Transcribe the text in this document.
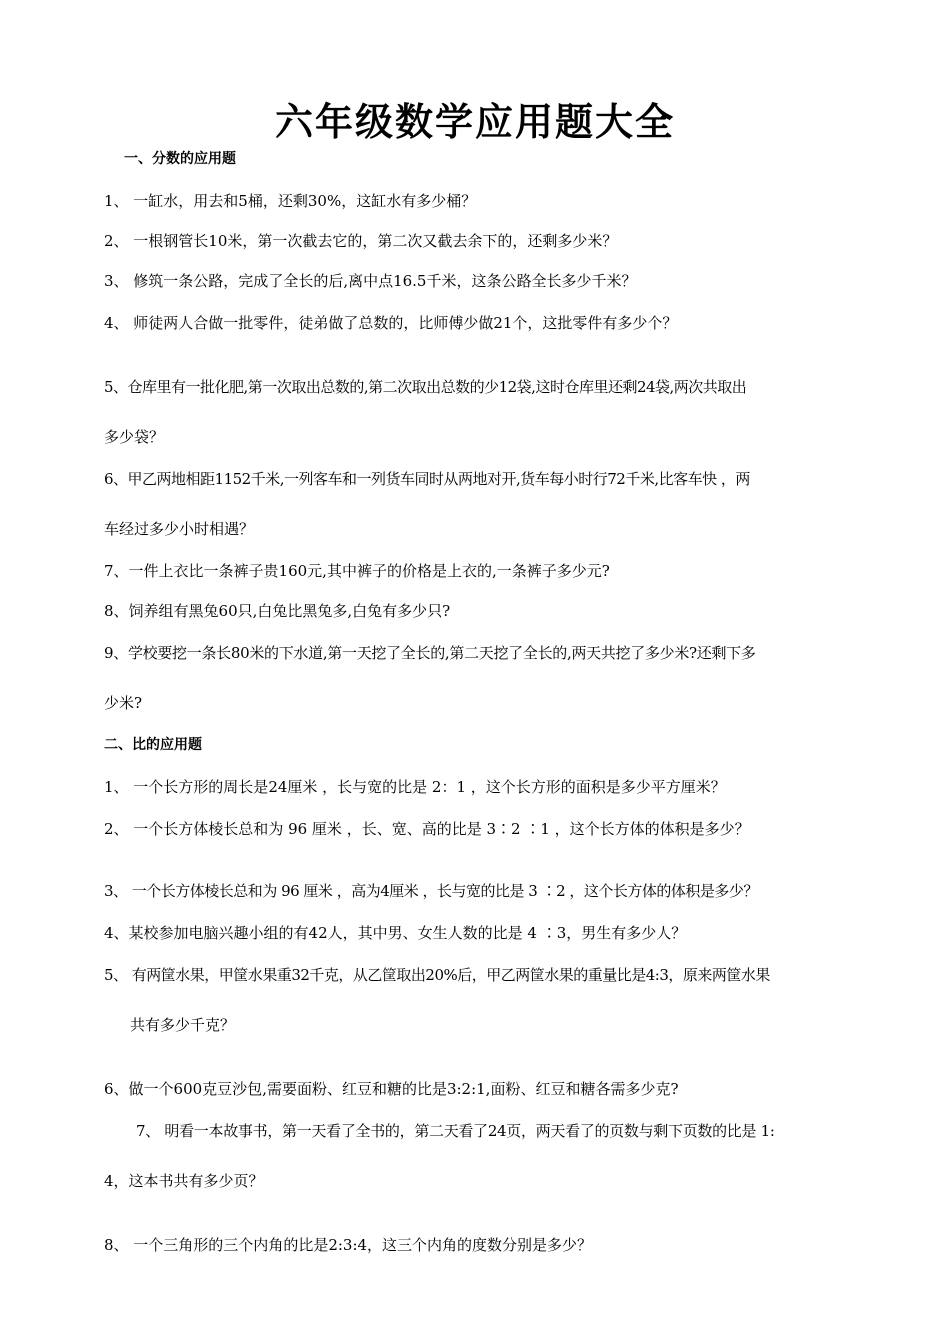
六年级数学应用题大全
一、分数的应用题
1、 一缸水，用去和5桶，还剩30%，这缸水有多少桶？
2、 一根钢管长10米，第一次截去它的，第二次又截去余下的，还剩多少米？
3、 修筑一条公路，完成了全长的后,离中点16.5千米，这条公路全长多少千米？
4、 师徒两人合做一批零件，徒弟做了总数的，比师傅少做21个，这批零件有多少个？
5、仓库里有一批化肥,第一次取出总数的,第二次取出总数的少12袋,这时仓库里还剩24袋,两次共取出
多少袋？
6、甲乙两地相距1152千米,一列客车和一列货车同时从两地对开,货车每小时行72千米,比客车快 ，两
车经过多少小时相遇？
7、一件上衣比一条裤子贵160元,其中裤子的价格是上衣的,一条裤子多少元?
8、饲养组有黑兔60只,白兔比黑兔多,白兔有多少只?
9、学校要挖一条长80米的下水道,第一天挖了全长的,第二天挖了全长的,两天共挖了多少米?还剩下多
少米?
二、比的应用题
1、 一个长方形的周长是24厘米 ，长与宽的比是 2：1 ，这个长方形的面积是多少平方厘米？
2、 一个长方体棱长总和为 96 厘米 ，长、宽、高的比是 3∶2 ∶1 ，这个长方体的体积是多少？
3、 一个长方体棱长总和为 96 厘米 ，高为4厘米 ，长与宽的比是 3 ∶2 ，这个长方体的体积是多少？
4、某校参加电脑兴趣小组的有42人，其中男、女生人数的比是 4 ∶3，男生有多少人？
5、 有两筐水果，甲筐水果重32千克，从乙筐取出20%后，甲乙两筐水果的重量比是4:3，原来两筐水果
共有多少千克？
6、做一个600克豆沙包,需要面粉、红豆和糖的比是3:2:1,面粉、红豆和糖各需多少克?
7、 明看一本故事书，第一天看了全书的，第二天看了24页，两天看了的页数与剩下页数的比是 1:
4，这本书共有多少页？
8、 一个三角形的三个内角的比是2:3:4，这三个内角的度数分别是多少？
